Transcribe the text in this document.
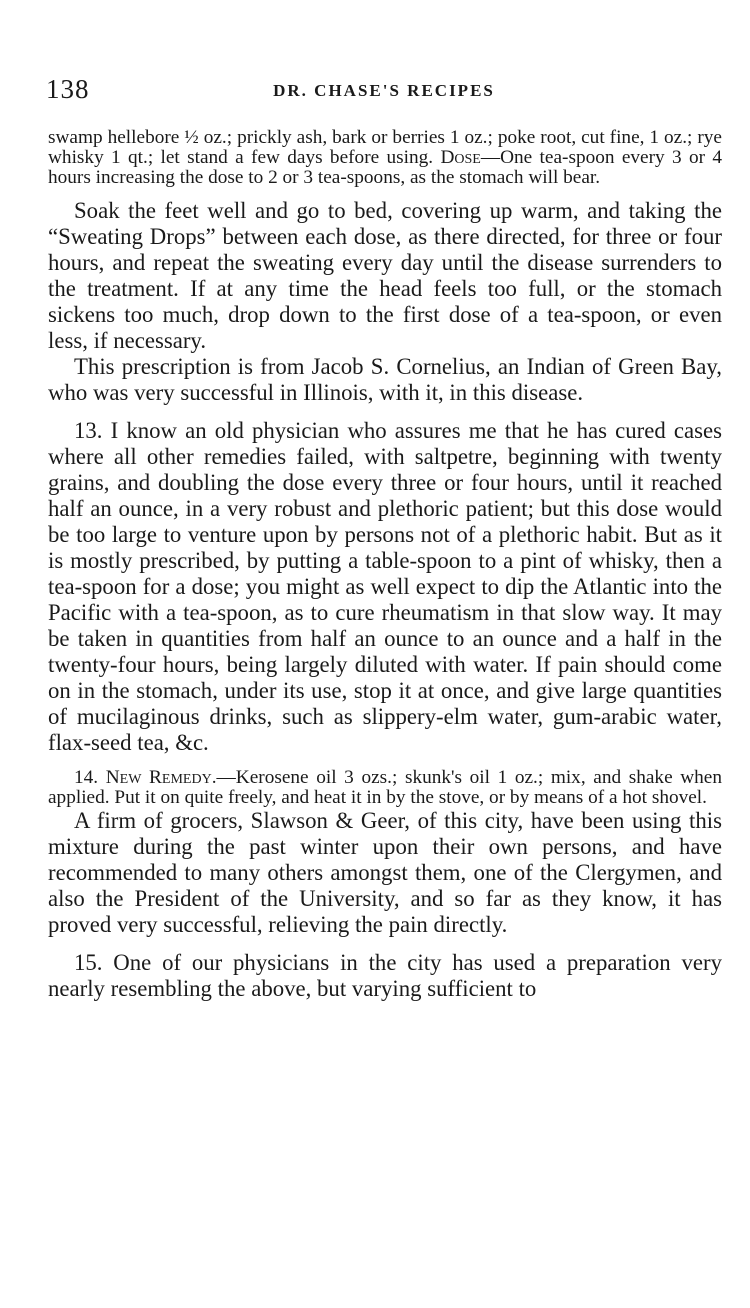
138	DR. CHASE'S RECIPES

swamp hellebore ½ oz.; prickly ash, bark or berries 1 oz.; poke root, cut fine, 1 oz.; rye whisky 1 qt.; let stand a few days before using. Dose—One tea-spoon every 3 or 4 hours increasing the dose to 2 or 3 tea-spoons, as the stomach will bear.

Soak the feet well and go to bed, covering up warm, and taking the “Sweating Drops” between each dose, as there directed, for three or four hours, and repeat the sweating every day until the disease surrenders to the treatment. If at any time the head feels too full, or the stomach sickens too much, drop down to the first dose of a tea-spoon, or even less, if necessary.

This prescription is from Jacob S. Cornelius, an Indian of Green Bay, who was very successful in Illinois, with it, in this disease.

13. I know an old physician who assures me that he has cured cases where all other remedies failed, with saltpetre, beginning with twenty grains, and doubling the dose every three or four hours, until it reached half an ounce, in a very robust and plethoric patient; but this dose would be too large to venture upon by persons not of a plethoric habit. But as it is mostly prescribed, by putting a table-spoon to a pint of whisky, then a tea-spoon for a dose; you might as well expect to dip the Atlantic into the Pacific with a tea-spoon, as to cure rheumatism in that slow way. It may be taken in quantities from half an ounce to an ounce and a half in the twenty-four hours, being largely diluted with water. If pain should come on in the stomach, under its use, stop it at once, and give large quantities of mucilaginous drinks, such as slippery-elm water, gum-arabic water, flax-seed tea, &c.

14. New Remedy.—Kerosene oil 3 ozs.; skunk's oil 1 oz.; mix, and shake when applied. Put it on quite freely, and heat it in by the stove, or by means of a hot shovel.

A firm of grocers, Slawson & Geer, of this city, have been using this mixture during the past winter upon their own persons, and have recommended to many others amongst them, one of the Clergymen, and also the President of the University, and so far as they know, it has proved very successful, relieving the pain directly.

15. One of our physicians in the city has used a preparation very nearly resembling the above, but varying sufficient to
